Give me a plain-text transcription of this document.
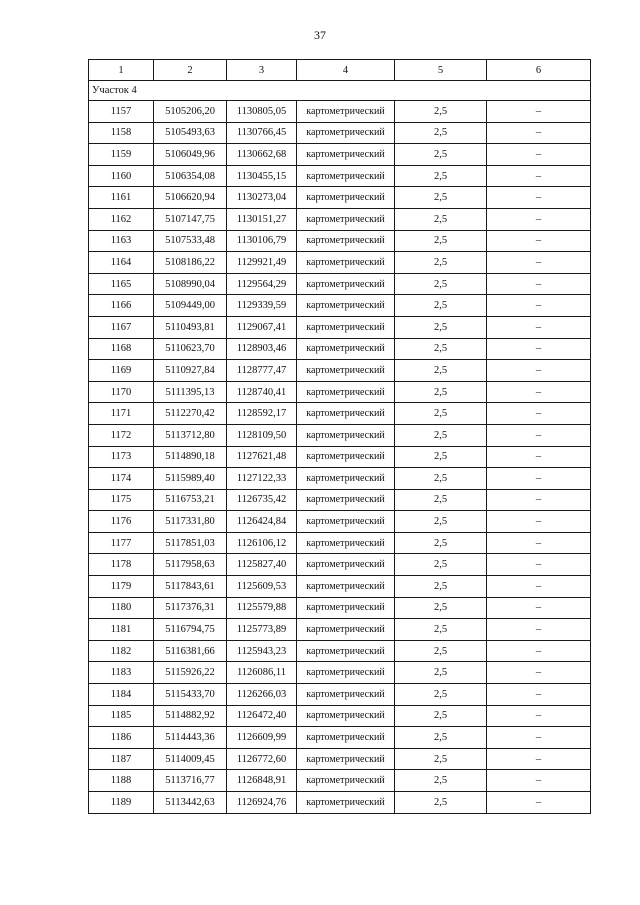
37
1	2	3	4	5	6
Участок 4					
1157	5105206,20	1130805,05	картометрический	2,5	–
1158	5105493,63	1130766,45	картометрический	2,5	–
1159	5106049,96	1130662,68	картометрический	2,5	–
1160	5106354,08	1130455,15	картометрический	2,5	–
1161	5106620,94	1130273,04	картометрический	2,5	–
1162	5107147,75	1130151,27	картометрический	2,5	–
1163	5107533,48	1130106,79	картометрический	2,5	–
1164	5108186,22	1129921,49	картометрический	2,5	–
1165	5108990,04	1129564,29	картометрический	2,5	–
1166	5109449,00	1129339,59	картометрический	2,5	–
1167	5110493,81	1129067,41	картометрический	2,5	–
1168	5110623,70	1128903,46	картометрический	2,5	–
1169	5110927,84	1128777,47	картометрический	2,5	–
1170	5111395,13	1128740,41	картометрический	2,5	–
1171	5112270,42	1128592,17	картометрический	2,5	–
1172	5113712,80	1128109,50	картометрический	2,5	–
1173	5114890,18	1127621,48	картометрический	2,5	–
1174	5115989,40	1127122,33	картометрический	2,5	–
1175	5116753,21	1126735,42	картометрический	2,5	–
1176	5117331,80	1126424,84	картометрический	2,5	–
1177	5117851,03	1126106,12	картометрический	2,5	–
1178	5117958,63	1125827,40	картометрический	2,5	–
1179	5117843,61	1125609,53	картометрический	2,5	–
1180	5117376,31	1125579,88	картометрический	2,5	–
1181	5116794,75	1125773,89	картометрический	2,5	–
1182	5116381,66	1125943,23	картометрический	2,5	–
1183	5115926,22	1126086,11	картометрический	2,5	–
1184	5115433,70	1126266,03	картометрический	2,5	–
1185	5114882,92	1126472,40	картометрический	2,5	–
1186	5114443,36	1126609,99	картометрический	2,5	–
1187	5114009,45	1126772,60	картометрический	2,5	–
1188	5113716,77	1126848,91	картометрический	2,5	–
1189	5113442,63	1126924,76	картометрический	2,5	–
